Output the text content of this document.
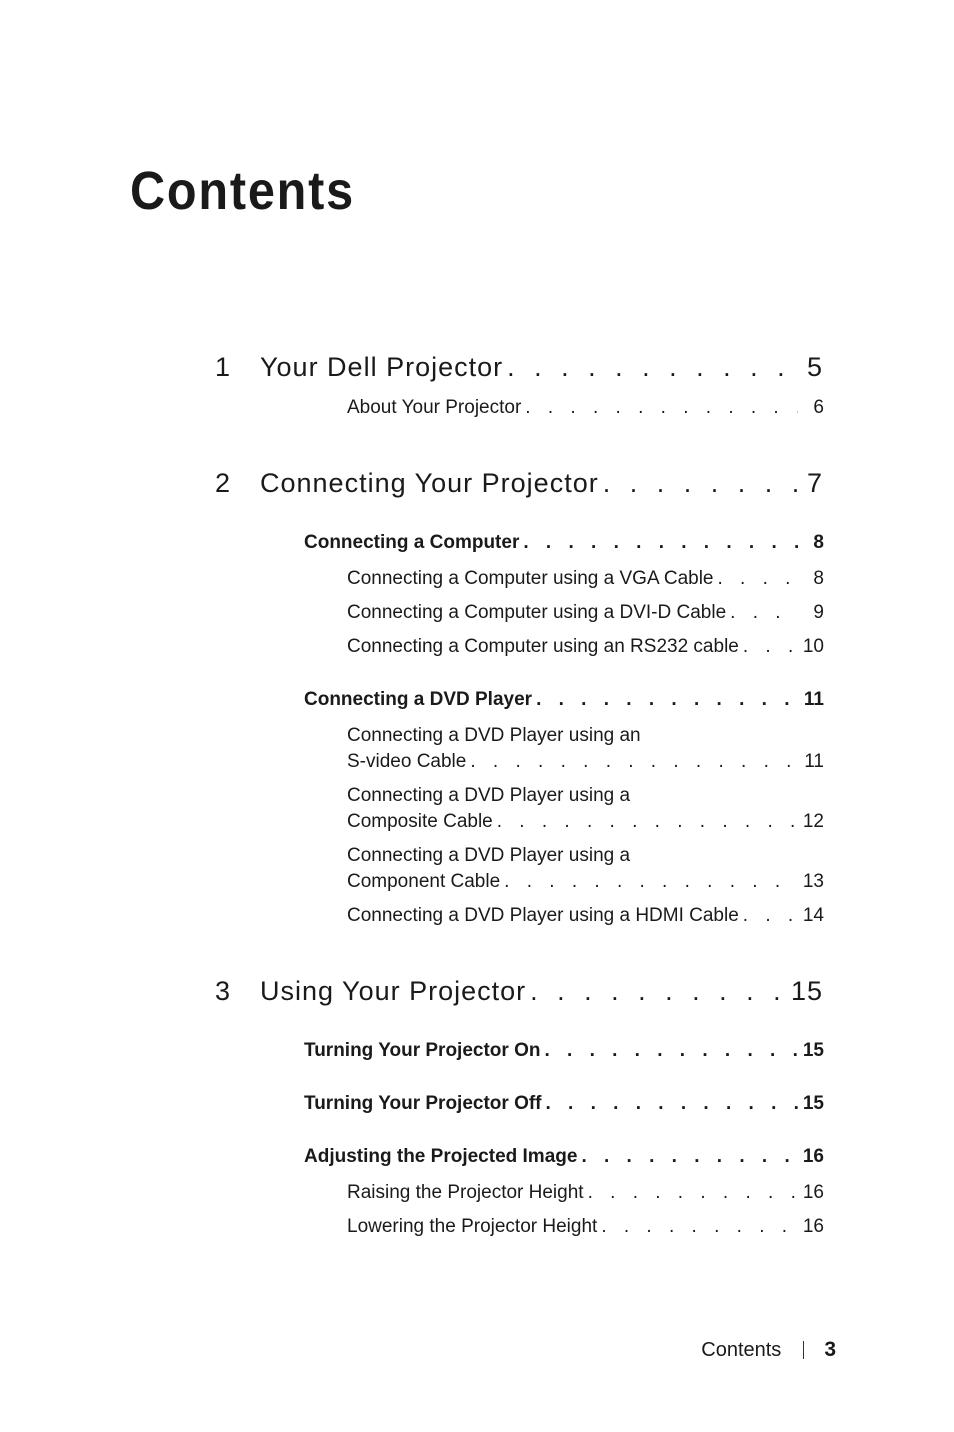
Contents
1	Your Dell Projector . . .	5
About Your Projector . . .	6
2	Connecting Your Projector . . .	7
Connecting a Computer . . .	8
Connecting a Computer using a VGA Cable . . .	8
Connecting a Computer using a DVI-D Cable . . .	9
Connecting a Computer using an RS232 cable . . .	10
Connecting a DVD Player . . .	11
Connecting a DVD Player using an
S-video Cable . . .	11
Connecting a DVD Player using a
Composite Cable . . .	12
Connecting a DVD Player using a
Component Cable . . .	13
Connecting a DVD Player using a HDMI Cable . . .	14
3	Using Your Projector . . .	15
Turning Your Projector On . . .	15
Turning Your Projector Off . . .	15
Adjusting the Projected Image . . .	16
Raising the Projector Height . . .	16
Lowering the Projector Height . . .	16
Contents 3
